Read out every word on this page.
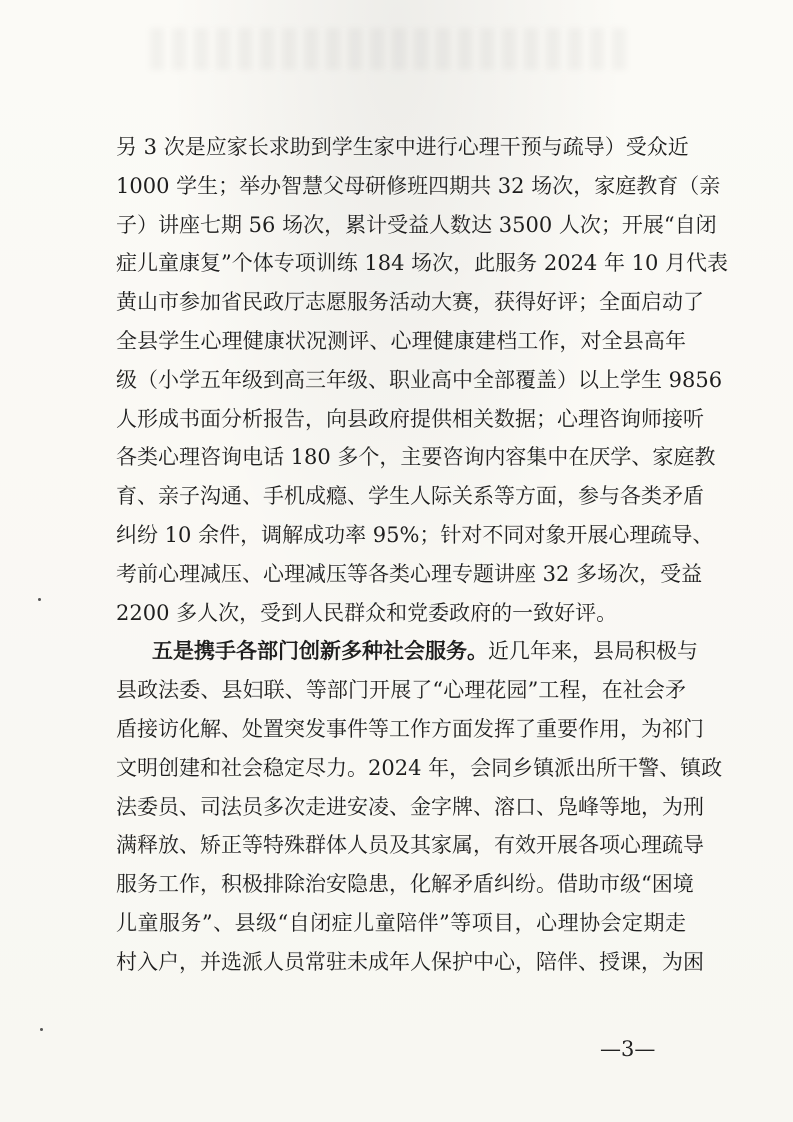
另 3 次是应家长求助到学生家中进行心理干预与疏导）受众近
1000 学生；举办智慧父母研修班四期共 32 场次，家庭教育（亲
子）讲座七期 56 场次，累计受益人数达 3500 人次；开展“自闭
症儿童康复”个体专项训练 184 场次，此服务 2024 年 10 月代表
黄山市参加省民政厅志愿服务活动大赛，获得好评；全面启动了
全县学生心理健康状况测评、心理健康建档工作，对全县高年
级（小学五年级到高三年级、职业高中全部覆盖）以上学生 9856
人形成书面分析报告，向县政府提供相关数据；心理咨询师接听
各类心理咨询电话 180 多个，主要咨询内容集中在厌学、家庭教
育、亲子沟通、手机成瘾、学生人际关系等方面，参与各类矛盾
纠纷 10 余件，调解成功率 95%；针对不同对象开展心理疏导、
考前心理减压、心理减压等各类心理专题讲座 32 多场次，受益
2200 多人次，受到人民群众和党委政府的一致好评。
五是携手各部门创新多种社会服务。近几年来，县局积极与
县政法委、县妇联、等部门开展了“心理花园”工程，在社会矛
盾接访化解、处置突发事件等工作方面发挥了重要作用，为祁门
文明创建和社会稳定尽力。2024 年，会同乡镇派出所干警、镇政
法委员、司法员多次走进安凌、金字牌、溶口、凫峰等地，为刑
满释放、矫正等特殊群体人员及其家属，有效开展各项心理疏导
服务工作，积极排除治安隐患，化解矛盾纠纷。借助市级“困境
儿童服务”、县级“自闭症儿童陪伴”等项目，心理协会定期走
村入户，并选派人员常驻未成年人保护中心，陪伴、授课，为困
—3—
